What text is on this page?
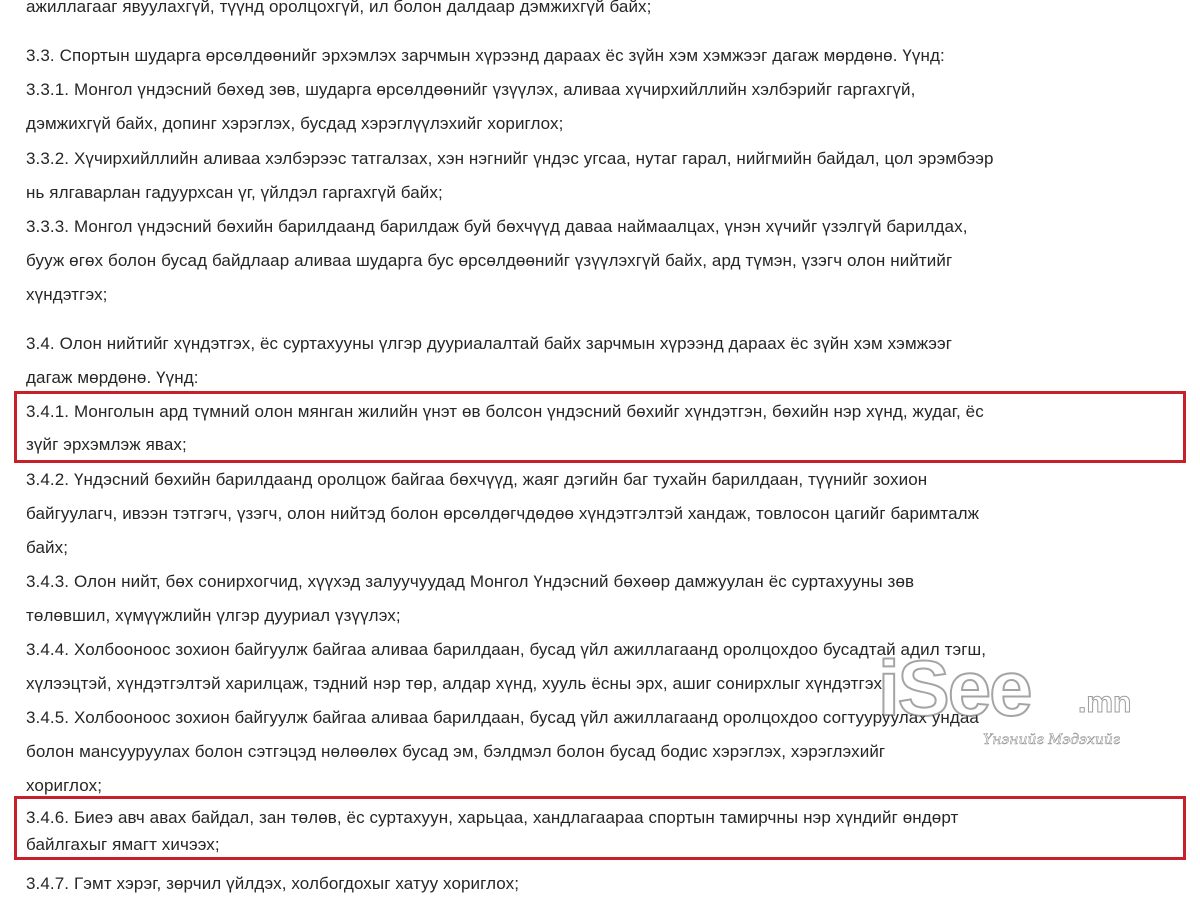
ажиллагааг явуулахгүй, түүнд оролцохгүй, ил болон далдаар дэмжихгүй байх;
3.3. Спортын шударга өрсөлдөөнийг эрхэмлэх зарчмын хүрээнд дараах ёс зүйн хэм хэмжээг дагаж мөрдөнө. Үүнд:
3.3.1. Монгол үндэсний бөхөд зөв, шударга өрсөлдөөнийг үзүүлэх, аливаа хүчирхийллийн хэлбэрийг гаргахгүй,
дэмжихгүй байх, допинг хэрэглэх, бусдад хэрэглүүлэхийг хориглох;
3.3.2. Хүчирхийллийн аливаа хэлбэрээс татгалзах, хэн нэгнийг үндэс угсаа, нутаг гарал, нийгмийн байдал, цол эрэмбээр
нь ялгаварлан гадуурхсан үг, үйлдэл гаргахгүй байх;
3.3.3. Монгол үндэсний бөхийн барилдаанд барилдаж буй бөхчүүд даваа наймаалцах, үнэн хүчийг үзэлгүй барилдах,
бууж өгөх болон бусад байдлаар аливаа шударга бус өрсөлдөөнийг үзүүлэхгүй байх, ард түмэн, үзэгч олон нийтийг
хүндэтгэх;
3.4. Олон нийтийг хүндэтгэх, ёс суртахууны үлгэр дууриалалтай байх зарчмын хүрээнд дараах ёс зүйн хэм хэмжээг
дагаж мөрдөнө. Үүнд:
3.4.1. Монголын ард түмний олон мянган жилийн үнэт өв болсон үндэсний бөхийг хүндэтгэн, бөхийн нэр хүнд, жудаг, ёс
зүйг эрхэмлэж явах;
3.4.2. Үндэсний бөхийн барилдаанд оролцож байгаа бөхчүүд, жаяг дэгийн баг тухайн барилдаан, түүнийг зохион
байгуулагч, ивээн тэтгэгч, үзэгч, олон нийтэд болон өрсөлдөгчдөдөө хүндэтгэлтэй хандаж, товлосон цагийг баримталж
байх;
3.4.3. Олон нийт, бөх сонирхогчид, хүүхэд залуучуудад Монгол Үндэсний бөхөөр дамжуулан ёс суртахууны зөв
төлөвшил, хүмүүжлийн үлгэр дууриал үзүүлэх;
3.4.4. Холбооноос зохион байгуулж байгаа аливаа барилдаан, бусад үйл ажиллагаанд оролцохдоо бусадтай адил тэгш,
хүлээцтэй, хүндэтгэлтэй харилцаж, тэдний нэр төр, алдар хүнд, хууль ёсны эрх, ашиг сонирхлыг хүндэтгэх;
3.4.5. Холбооноос зохион байгуулж байгаа аливаа барилдаан, бусад үйл ажиллагаанд оролцохдоо согтууруулах ундаа
болон мансууруулах болон сэтгэцэд нөлөөлөх бусад эм, бэлдмэл болон бусад бодис хэрэглэх, хэрэглэхийг
хориглох;
3.4.6. Биеэ авч авах байдал, зан төлөв, ёс суртахуун, харьцаа, хандлагаараа спортын тамирчны нэр хүндийг өндөрт
байлгахыг ямагт хичээх;
3.4.7. Гэмт хэрэг, зөрчил үйлдэх, холбогдохыг хатуу хориглох;
iSee .mn
Үнэнийг Мэдэхийг
